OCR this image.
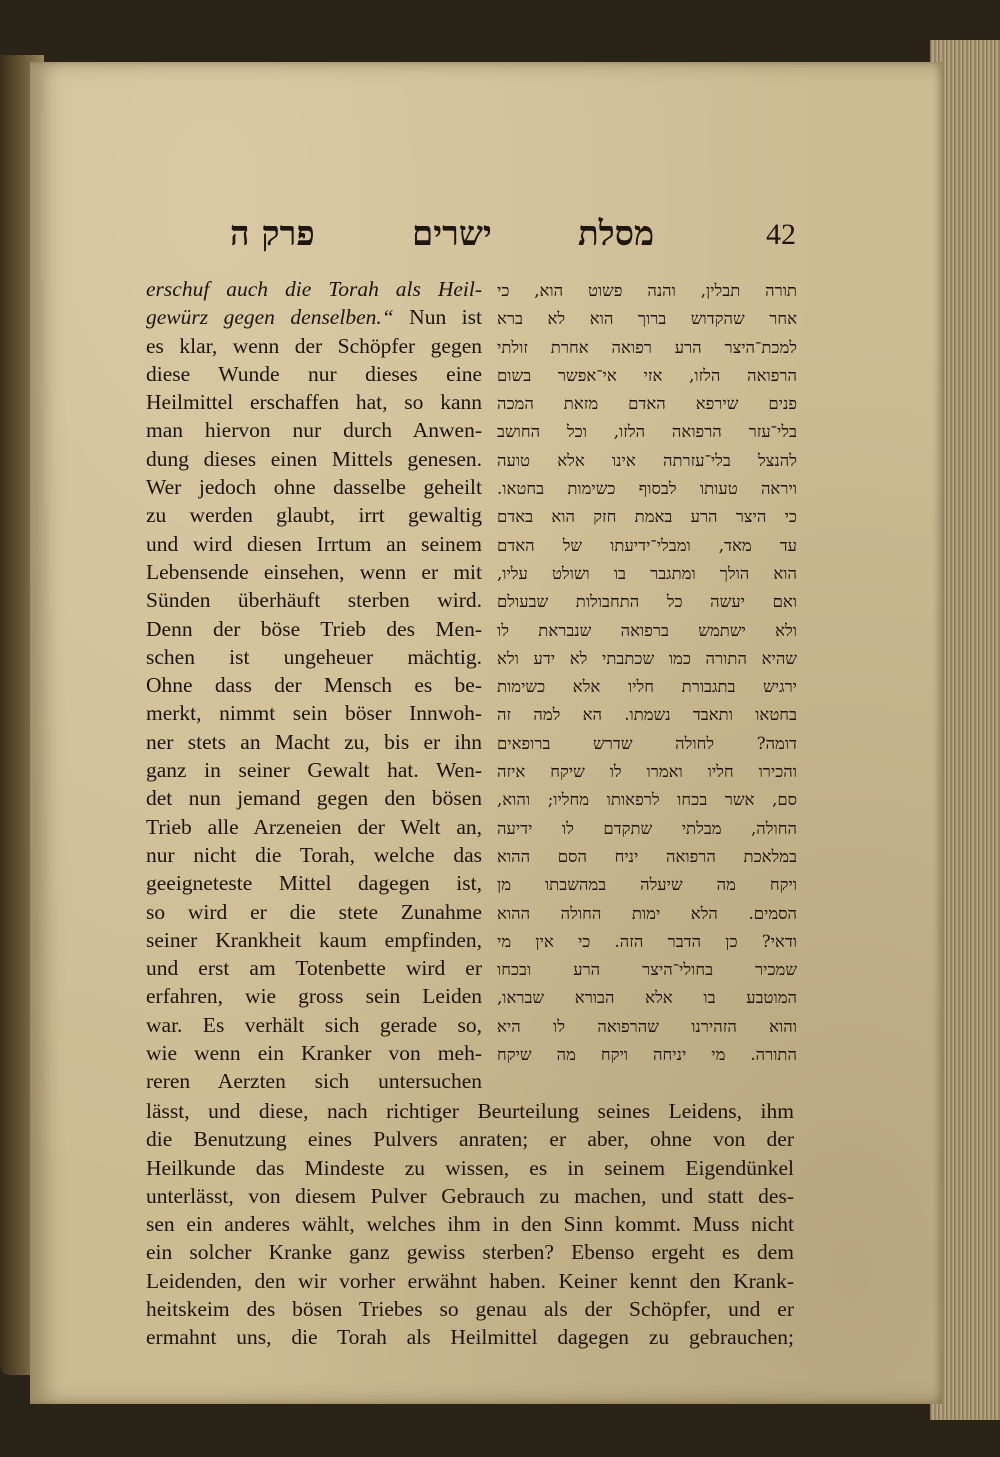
פרק ה	ישרים	מסלת	42
erschuf auch die Torah als Heil-
gewürz gegen denselben.“ Nun ist
es klar, wenn der Schöpfer gegen
diese Wunde nur dieses eine
Heilmittel erschaffen hat, so kann
man hiervon nur durch Anwen-
dung dieses einen Mittels genesen.
Wer jedoch ohne dasselbe geheilt
zu werden glaubt, irrt gewaltig
und wird diesen Irrtum an seinem
Lebensende einsehen, wenn er mit
Sünden überhäuft sterben wird.
Denn der böse Trieb des Men-
schen ist ungeheuer mächtig.
Ohne dass der Mensch es be-
merkt, nimmt sein böser Innwoh-
ner stets an Macht zu, bis er ihn
ganz in seiner Gewalt hat. Wen-
det nun jemand gegen den bösen
Trieb alle Arzeneien der Welt an,
nur nicht die Torah, welche das
geeigneteste Mittel dagegen ist,
so wird er die stete Zunahme
seiner Krankheit kaum empfinden,
und erst am Totenbette wird er
erfahren, wie gross sein Leiden
war. Es verhält sich gerade so,
wie wenn ein Kranker von meh-
reren Aerzten sich untersuchen
תורה תבלין, והנה פשוט הוא, כי
אחר שהקדוש ברוך הוא לא ברא
למכת־היצר הרע רפואה אחרת זולתי
הרפואה הלזו, אזי אי־אפשר בשום
פנים שירפא האדם מזאת המכה
בלי־עזר הרפואה הלזו, וכל החושב
להנצל בלי־עזרתה אינו אלא טועה
ויראה טעותו לבסוף כשימות בחטאו.
כי היצר הרע באמת חזק הוא באדם
עד מאד, ומבלי־ידיעתו של האדם
הוא הולך ומתגבר בו ושולט עליו,
ואם יעשה כל התחבולות שבעולם
ולא ישתמש ברפואה שנבראת לו
שהיא התורה כמו שכתבתי לא ידע ולא
ירגיש בתגבורת חליו אלא כשימות
בחטאו ותאבד נשמתו. הא למה זה
דומה? לחולה שדרש ברופאים
והכירו חליו ואמרו לו שיקח איזה
סם, אשר בכחו לרפאותו מחליו; והוא,
החולה, מבלתי שתקדם לו ידיעה
במלאכת הרפואה יניח הסם ההוא
ויקח מה שיעלה במהשבתו מן
הסמים. הלא ימות החולה ההוא
ודאי? כן הדבר הזה. כי אין מי
שמכיר בחולי־היצר הרע ובכחו
המוטבע בו אלא הבורא שבראו,
והוא הזהירנו שהרפואה לו היא
התורה. מי יניחה ויקח מה שיקח
lässt, und diese, nach richtiger Beurteilung seines Leidens, ihm
die Benutzung eines Pulvers anraten; er aber, ohne von der
Heilkunde das Mindeste zu wissen, es in seinem Eigendünkel
unterlässt, von diesem Pulver Gebrauch zu machen, und statt des-
sen ein anderes wählt, welches ihm in den Sinn kommt. Muss nicht
ein solcher Kranke ganz gewiss sterben? Ebenso ergeht es dem
Leidenden, den wir vorher erwähnt haben. Keiner kennt den Krank-
heitskeim des bösen Triebes so genau als der Schöpfer, und er
ermahnt uns, die Torah als Heilmittel dagegen zu gebrauchen;
